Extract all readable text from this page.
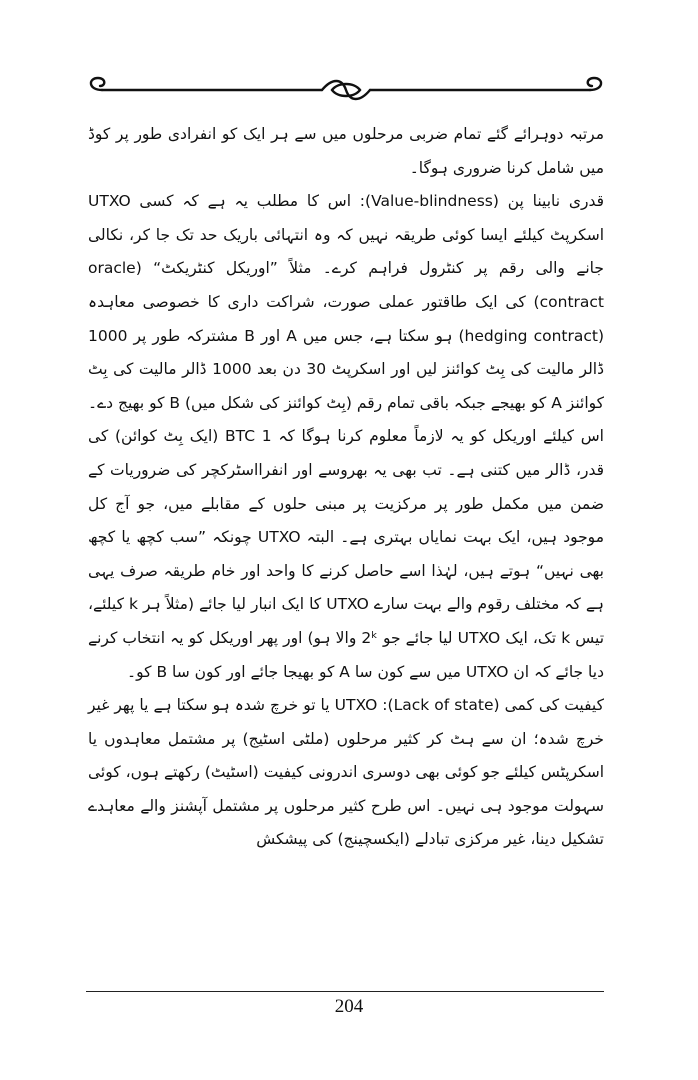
مرتبہ دوہرائے گئے تمام ضربی مرحلوں میں سے ہر ایک کو انفرادی طور پر کوڈ میں شامل کرنا ضروری ہوگا۔

قدری نابینا پن (Value-blindness): اس کا مطلب یہ ہے کہ کسی UTXO اسکرپٹ کیلئے ایسا کوئی طریقہ نہیں کہ وہ انتہائی باریک حد تک جا کر، نکالی جانے والی رقم پر کنٹرول فراہم کرے۔ مثلاً ”اوریکل کنٹریکٹ“ (oracle contract) کی ایک طاقتور عملی صورت، شراکت داری کا خصوصی معاہدہ (hedging contract) ہو سکتا ہے، جس میں A اور B مشترکہ طور پر 1000 ڈالر مالیت کی بِٹ کوائنز لیں اور اسکرپٹ 30 دن بعد 1000 ڈالر مالیت کی بِٹ کوائنز A کو بھیجے جبکہ باقی تمام رقم (بِٹ کوائنز کی شکل میں) B کو بھیج دے۔ اس کیلئے اوریکل کو یہ لازماً معلوم کرنا ہوگا کہ 1 BTC (ایک بِٹ کوائن) کی قدر، ڈالر میں کتنی ہے۔ تب بھی یہ بھروسے اور انفرااسٹرکچر کی ضروریات کے ضمن میں مکمل طور پر مرکزیت پر مبنی حلوں کے مقابلے میں، جو آج کل موجود ہیں، ایک بہت نمایاں بہتری ہے۔ البتہ UTXO چونکہ ”سب کچھ یا کچھ بھی نہیں“ ہوتے ہیں، لہٰذا اسے حاصل کرنے کا واحد اور خام طریقہ صرف یہی ہے کہ مختلف رقوم والے بہت سارے UTXO کا ایک انبار لیا جائے (مثلاً ہر k کیلئے، تیس k تک، ایک UTXO لیا جائے جو 2ᵏ والا ہو) اور پھر اوریکل کو یہ انتخاب کرنے دیا جائے کہ ان UTXO میں سے کون سا A کو بھیجا جائے اور کون سا B کو۔

کیفیت کی کمی (Lack of state): UTXO یا تو خرچ شدہ ہو سکتا ہے یا پھر غیر خرچ شدہ؛ ان سے ہٹ کر کثیر مرحلوں (ملٹی اسٹیج) پر مشتمل معاہدوں یا اسکرپٹس کیلئے جو کوئی بھی دوسری اندرونی کیفیت (اسٹیٹ) رکھتے ہوں، کوئی سہولت موجود ہی نہیں۔ اس طرح کثیر مرحلوں پر مشتمل آپشنز والے معاہدے تشکیل دینا، غیر مرکزی تبادلے (ایکسچینج) کی پیشکش

204
